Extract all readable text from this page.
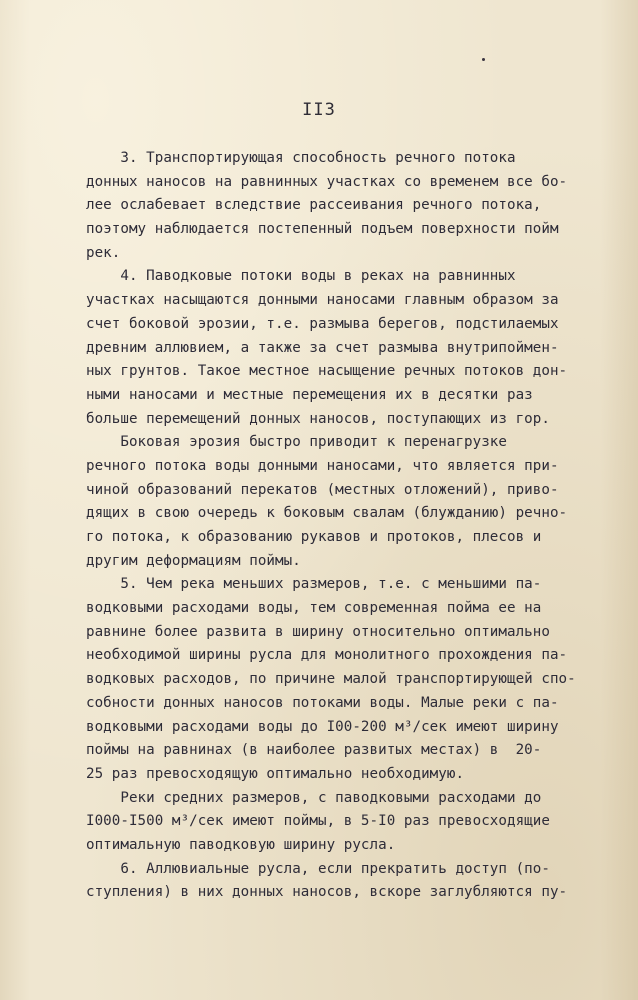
II3
3. Транспортирующая способность речного потока
донных наносов на равнинных участках со временем все бо-
лее ослабевает вследствие рассеивания речного потока,
поэтому наблюдается постепенный подъем поверхности пойм
рек.
4. Паводковые потоки воды в реках на равнинных
участках насыщаются донными наносами главным образом за
счет боковой эрозии, т.е. размыва берегов, подстилаемых
древним аллювием, а также за счет размыва внутрипоймен-
ных грунтов. Такое местное насыщение речных потоков дон-
ными наносами и местные перемещения их в десятки раз
больше перемещений донных наносов, поступающих из гор.
Боковая эрозия быстро приводит к перенагрузке
речного потока воды донными наносами, что является при-
чиной образований перекатов (местных отложений), приво-
дящих в свою очередь к боковым свалам (блужданию) речно-
го потока, к образованию рукавов и протоков, плесов и
другим деформациям поймы.
5. Чем река меньших размеров, т.е. с меньшими па-
водковыми расходами воды, тем современная пойма ее на
равнине более развита в ширину относительно оптимально
необходимой ширины русла для монолитного прохождения па-
водковых расходов, по причине малой транспортирующей спо-
собности донных наносов потоками воды. Малые реки с па-
водковыми расходами воды до I00-200 м³/сек имеют ширину
поймы на равнинах (в наиболее развитых местах) в  20-
25 раз превосходящую оптимально необходимую.
Реки средних размеров, с паводковыми расходами до
I000-I500 м³/сек имеют поймы, в 5-I0 раз превосходящие
оптимальную паводковую ширину русла.
6. Аллювиальные русла, если прекратить доступ (по-
ступления) в них донных наносов, вскоре заглубляются пу-
